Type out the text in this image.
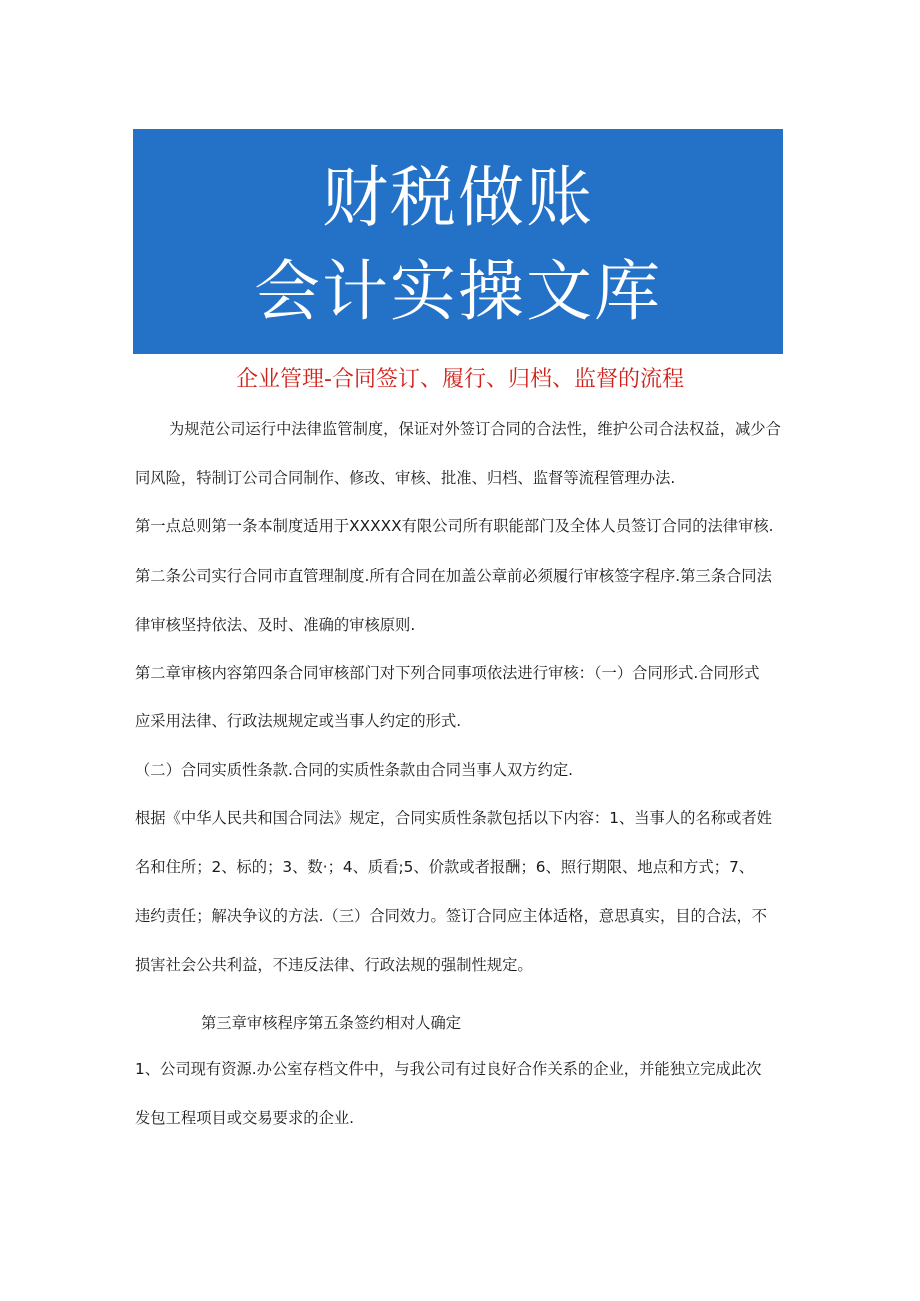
财税做账
会计实操文库
企业管理-合同签订、履行、归档、监督的流程
为规范公司运行中法律监管制度，保证对外签订合同的合法性，维护公司合法权益，减少合
同风险，特制订公司合同制作、修改、审核、批准、归档、监督等流程管理办法.
第一点总则第一条本制度适用于XXXXX有限公司所有职能部门及全体人员签订合同的法律审核.
第二条公司实行合同市直管理制度.所有合同在加盖公章前必须履行审核签字程序.第三条合同法
律审核坚持依法、及时、准确的审核原则.
第二章审核内容第四条合同审核部门对下列合同事项依法进行审核：（一）合同形式.合同形式
应采用法律、行政法规规定或当事人约定的形式.
（二）合同实质性条款.合同的实质性条款由合同当事人双方约定.
根据《中华人民共和国合同法》规定，合同实质性条款包括以下内容：1、当事人的名称或者姓
名和住所；2、标的；3、数·；4、质看;5、价款或者报酬；6、照行期限、地点和方式；7、
违约责任；解决争议的方法.（三）合同效力。签订合同应主体适格，意思真实，目的合法，不
损害社会公共利益，不违反法律、行政法规的强制性规定。
第三章审核程序第五条签约相对人确定
1、公司现有资源.办公室存档文件中，与我公司有过良好合作关系的企业，并能独立完成此次
发包工程项目或交易要求的企业.
